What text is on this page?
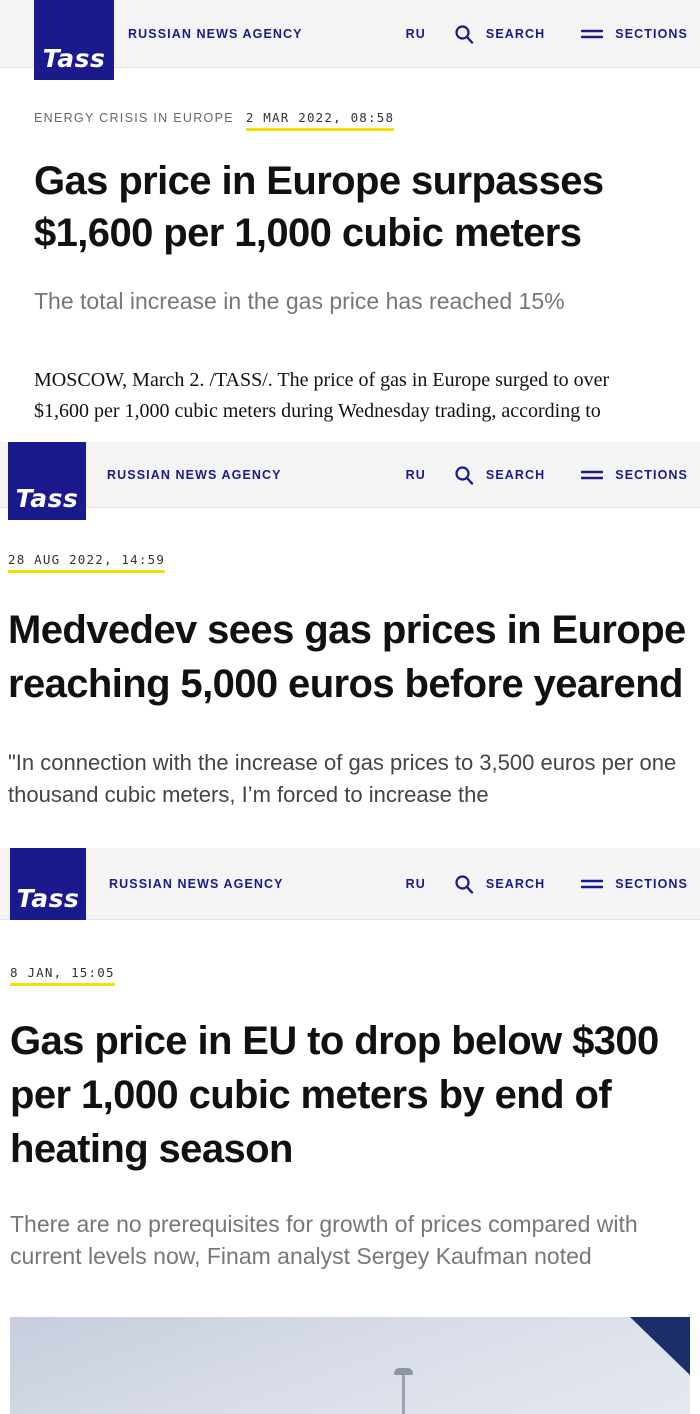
Tass
RUSSIAN NEWS AGENCY	RU	SEARCH	SECTIONS
ENERGY CRISIS IN EUROPE 2 MAR 2022, 08:58
Gas price in Europe surpasses $1,600 per 1,000 cubic meters

The total increase in the gas price has reached 15%

MOSCOW, March 2. /TASS/. The price of gas in Europe surged to over $1,600 per 1,000 cubic meters during Wednesday trading, according to

Tass
RUSSIAN NEWS AGENCY	RU	SEARCH	SECTIONS
28 AUG 2022, 14:59
Medvedev sees gas prices in Europe reaching 5,000 euros before yearend

"In connection with the increase of gas prices to 3,500 euros per one thousand cubic meters, I’m forced to increase the

Tass
RUSSIAN NEWS AGENCY	RU	SEARCH	SECTIONS
8 JAN, 15:05
Gas price in EU to drop below $300 per 1,000 cubic meters by end of heating season

There are no prerequisites for growth of prices compared with current levels now, Finam analyst Sergey Kaufman noted
